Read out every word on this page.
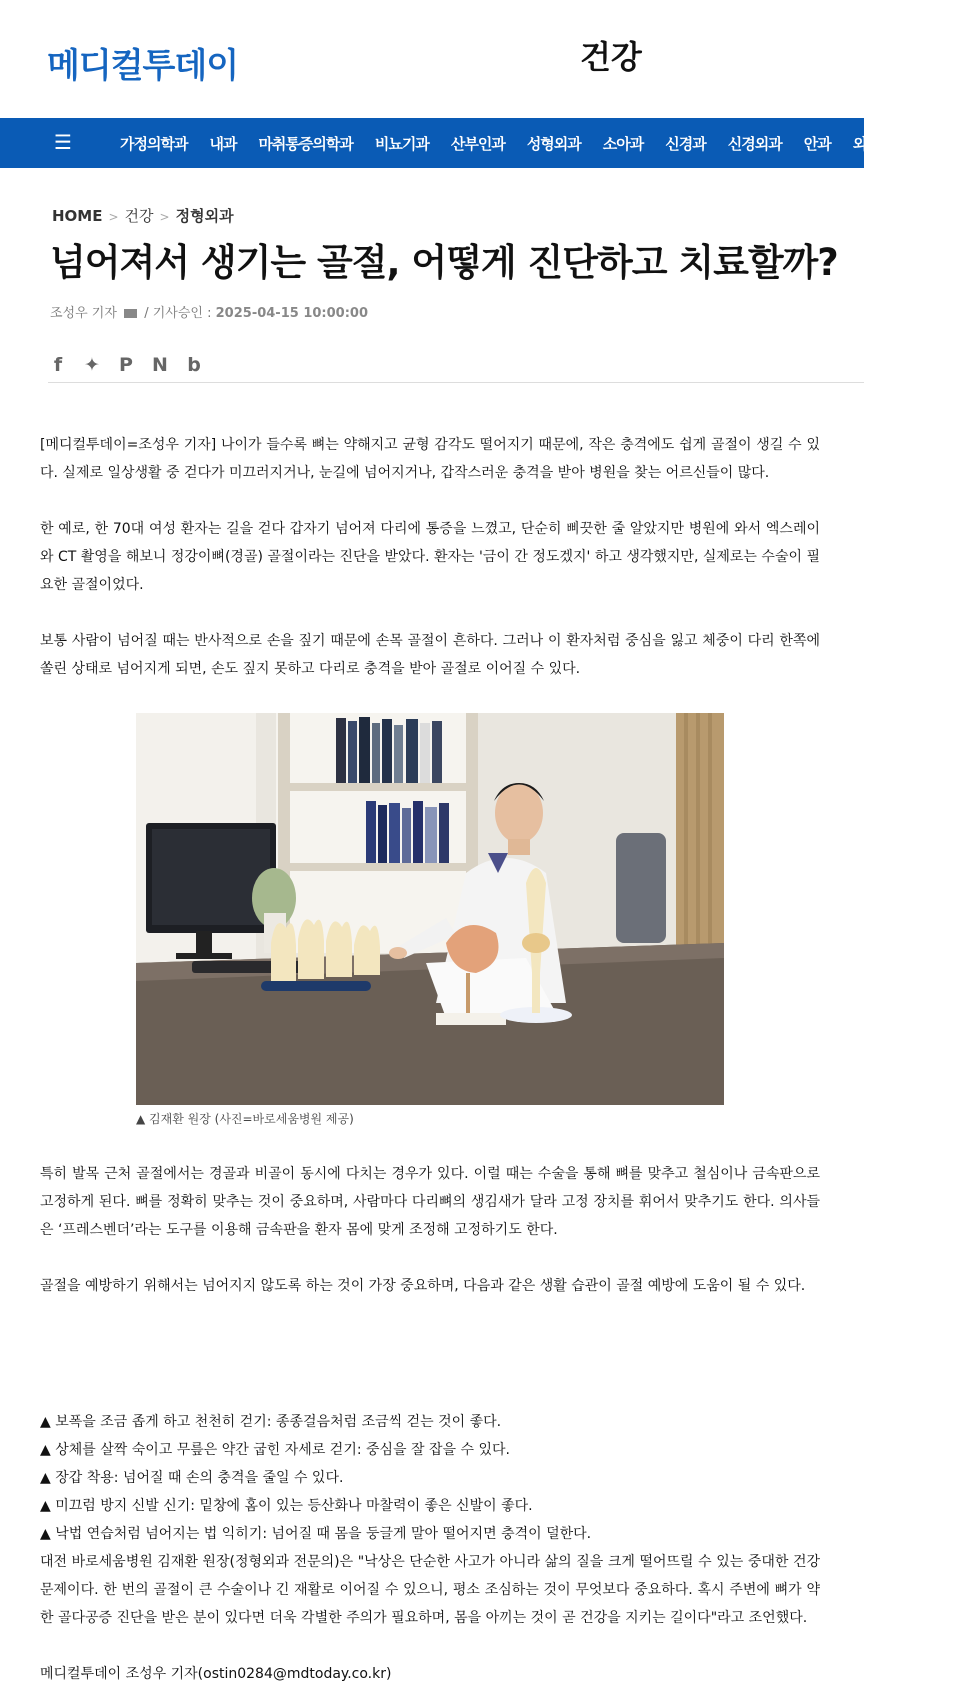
메디컬투데이	건강
☰	가정의학과 내과 마취통증의학과 비뇨기과 산부인과 성형외과 소아과 신경과 신경외과 안과 외과 이비인
HOME > 건강 > 정형외과
넘어져서 생기는 골절, 어떻게 진단하고 치료할까?
조성우 기자 / 기사승인 : 2025-04-15 10:00:00
f	✦ P N b

[메디컬투데이=조성우 기자] 나이가 들수록 뼈는 약해지고 균형 감각도 떨어지기 때문에, 작은 충격에도 쉽게 골절이 생길 수 있다. 실제로 일상생활 중 걷다가 미끄러지거나, 눈길에 넘어지거나, 갑작스러운 충격을 받아 병원을 찾는 어르신들이 많다.

한 예로, 한 70대 여성 환자는 길을 걷다 갑자기 넘어져 다리에 통증을 느꼈고, 단순히 삐끗한 줄 알았지만 병원에 와서 엑스레이와 CT 촬영을 해보니 정강이뼈(경골) 골절이라는 진단을 받았다. 환자는 '금이 간 정도겠지' 하고 생각했지만, 실제로는 수술이 필요한 골절이었다.

보통 사람이 넘어질 때는 반사적으로 손을 짚기 때문에 손목 골절이 흔하다. 그러나 이 환자처럼 중심을 잃고 체중이 다리 한쪽에 쏠린 상태로 넘어지게 되면, 손도 짚지 못하고 다리로 충격을 받아 골절로 이어질 수 있다.

▲ 김재환 원장 (사진=바로세움병원 제공)

특히 발목 근처 골절에서는 경골과 비골이 동시에 다치는 경우가 있다. 이럴 때는 수술을 통해 뼈를 맞추고 철심이나 금속판으로 고정하게 된다. 뼈를 정확히 맞추는 것이 중요하며, 사람마다 다리뼈의 생김새가 달라 고정 장치를 휘어서 맞추기도 한다. 의사들은 ‘프레스벤더’라는 도구를 이용해 금속판을 환자 몸에 맞게 조정해 고정하기도 한다.

골절을 예방하기 위해서는 넘어지지 않도록 하는 것이 가장 중요하며, 다음과 같은 생활 습관이 골절 예방에 도움이 될 수 있다.

▲ 보폭을 조금 좁게 하고 천천히 걷기: 종종걸음처럼 조금씩 걷는 것이 좋다.
▲ 상체를 살짝 숙이고 무릎은 약간 굽힌 자세로 걷기: 중심을 잘 잡을 수 있다.
▲ 장갑 착용: 넘어질 때 손의 충격을 줄일 수 있다.
▲ 미끄럼 방지 신발 신기: 밑창에 홈이 있는 등산화나 마찰력이 좋은 신발이 좋다.
▲ 낙법 연습처럼 넘어지는 법 익히기: 넘어질 때 몸을 둥글게 말아 떨어지면 충격이 덜한다.

대전 바로세움병원 김재환 원장(정형외과 전문의)은 "낙상은 단순한 사고가 아니라 삶의 질을 크게 떨어뜨릴 수 있는 중대한 건강 문제이다. 한 번의 골절이 큰 수술이나 긴 재활로 이어질 수 있으니, 평소 조심하는 것이 무엇보다 중요하다. 혹시 주변에 뼈가 약한 골다공증 진단을 받은 분이 있다면 더욱 각별한 주의가 필요하며, 몸을 아끼는 것이 곧 건강을 지키는 길이다"라고 조언했다.

메디컬투데이 조성우 기자(ostin0284@mdtoday.co.kr)
